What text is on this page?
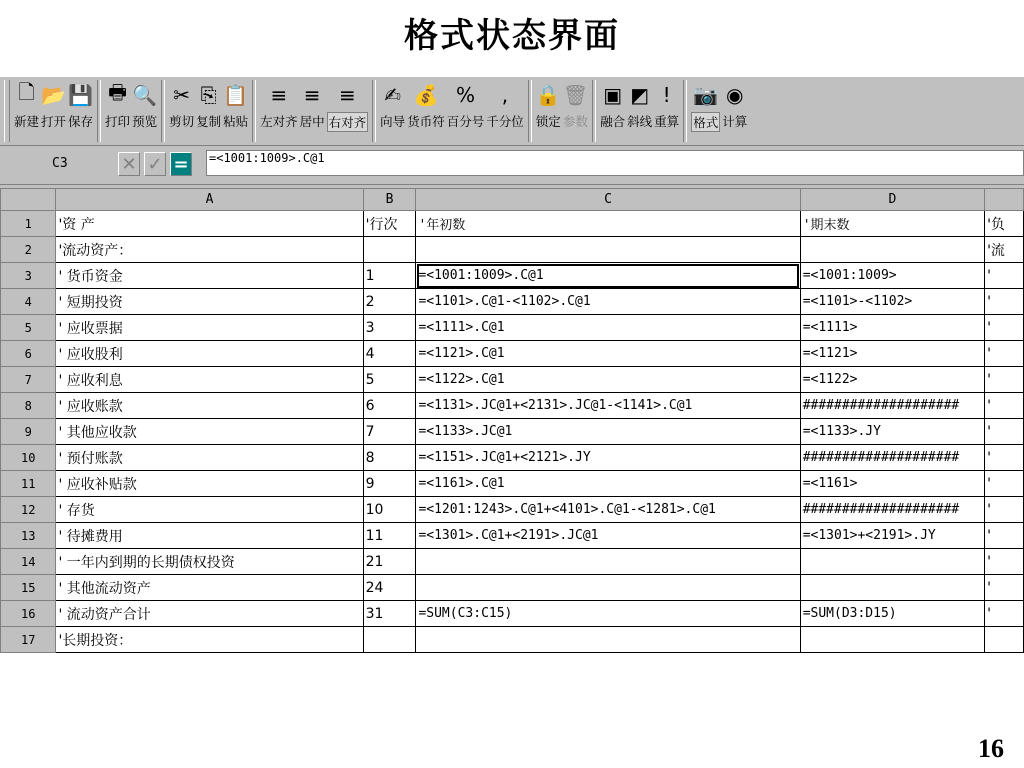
格式状态界面
🗋
新建
📂
打开
💾
保存
🖶
打印
🔍
预览
✂
剪切
⎘
复制
📋
粘贴
≡
左对齐
≡
居中
≡
右对齐
✍
向导
💰
货币符
%
百分号
,
千分位
🔒
锁定
🗑
参数
▣
融合
◩
斜线
!
重算
📷
格式
◉
计算
C3	✕ ✓ = =<1001:1009>.C@1
	A	B	C	D	
1	'资 产	'行次	'年初数	'期末数	'负
2	'流动资产：				'流
3	' 货币资金	1	=<1001:1009>.C@1	=<1001:1009>	'
4	' 短期投资	2	=<1101>.C@1-<1102>.C@1	=<1101>-<1102>	'
5	' 应收票据	3	=<1111>.C@1	=<1111>	'
6	' 应收股利	4	=<1121>.C@1	=<1121>	'
7	' 应收利息	5	=<1122>.C@1	=<1122>	'
8	' 应收账款	6	=<1131>.JC@1+<2131>.JC@1-<1141>.C@1	####################	'
9	' 其他应收款	7	=<1133>.JC@1	=<1133>.JY	'
10	' 预付账款	8	=<1151>.JC@1+<2121>.JY	####################	'
11	' 应收补贴款	9	=<1161>.C@1	=<1161>	'
12	' 存货	10	=<1201:1243>.C@1+<4101>.C@1-<1281>.C@1	####################	'
13	' 待摊费用	11	=<1301>.C@1+<2191>.JC@1	=<1301>+<2191>.JY	'
14	' 一年内到期的长期债权投资	21			'
15	' 其他流动资产	24			'
16	' 流动资产合计	31	=SUM(C3:C15)	=SUM(D3:D15)	'
17	'长期投资：				
16
